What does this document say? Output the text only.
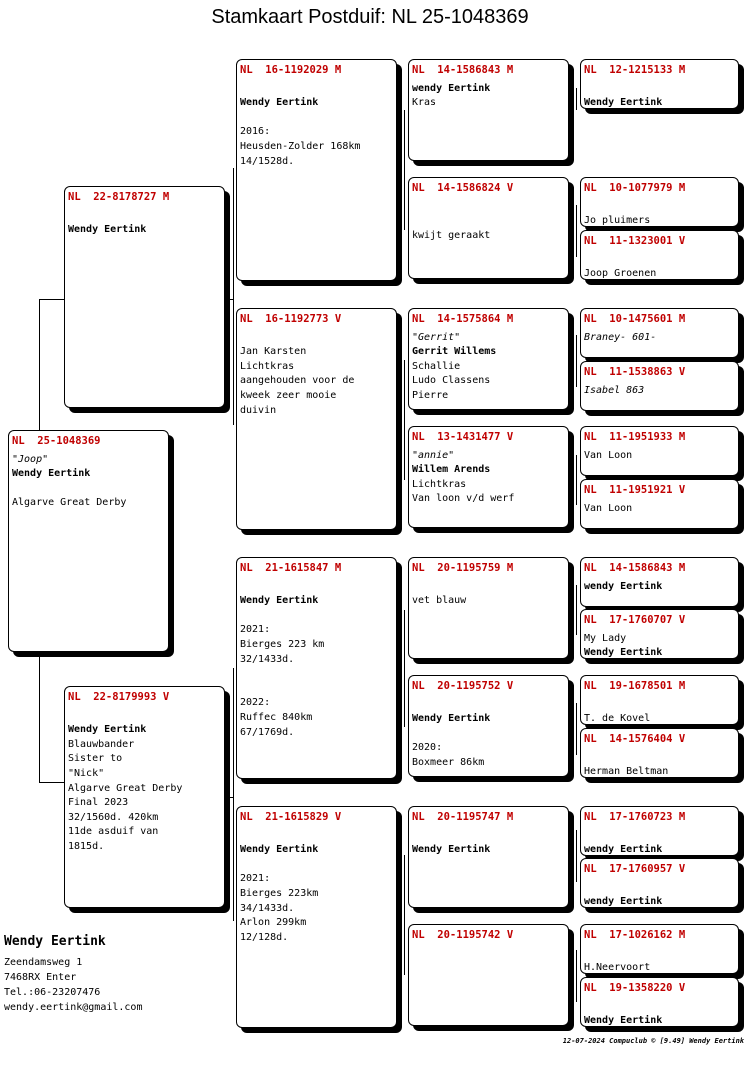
Stamkaart Postduif: NL 25-1048369
NL  25-1048369
"Joop"
Wendy Eertink
Algarve Great Derby
NL  22-8178727 M
Wendy Eertink
NL  22-8179993 V
Wendy Eertink
Blauwbander
Sister to
"Nick"
Algarve Great Derby
Final 2023
32/1560d. 420km
11de asduif van
1815d.
NL  16-1192029 M
Wendy Eertink
2016:
Heusden-Zolder 168km
14/1528d.
NL  16-1192773 V
Jan Karsten
Lichtkras
aangehouden voor de
kweek zeer mooie
duivin
NL  21-1615847 M
Wendy Eertink
2021:
Bierges 223 km
32/1433d.
2022:
Ruffec 840km
67/1769d.
NL  21-1615829 V
Wendy Eertink
2021:
Bierges 223km
34/1433d.
Arlon 299km
12/128d.
NL  14-1586843 M
wendy Eertink
Kras
NL  14-1586824 V
kwijt geraakt
NL  14-1575864 M
"Gerrit"
Gerrit Willems
Schallie
Ludo Classens
Pierre
NL  13-1431477 V
"annie"
Willem Arends
Lichtkras
Van loon v/d werf
NL  20-1195759 M
vet blauw
NL  20-1195752 V
Wendy Eertink
2020:
Boxmeer 86km
NL  20-1195747 M
Wendy Eertink
NL  20-1195742 V
NL  12-1215133 M
Wendy Eertink
NL  10-1077979 M
Jo pluimers
NL  11-1323001 V
Joop Groenen
NL  10-1475601 M
Braney- 601-
NL  11-1538863 V
Isabel 863
NL  11-1951933 M
Van Loon
NL  11-1951921 V
Van Loon
NL  14-1586843 M
wendy Eertink
NL  17-1760707 V
My Lady
Wendy Eertink
NL  19-1678501 M
T. de Kovel
NL  14-1576404 V
Herman Beltman
NL  17-1760723 M
wendy Eertink
NL  17-1760957 V
wendy Eertink
NL  17-1026162 M
H.Neervoort
NL  19-1358220 V
Wendy Eertink
Wendy Eertink
Zeendamsweg 1
7468RX Enter
Tel.:06-23207476
wendy.eertink@gmail.com
12-07-2024 Compuclub © [9.49] Wendy Eertink
